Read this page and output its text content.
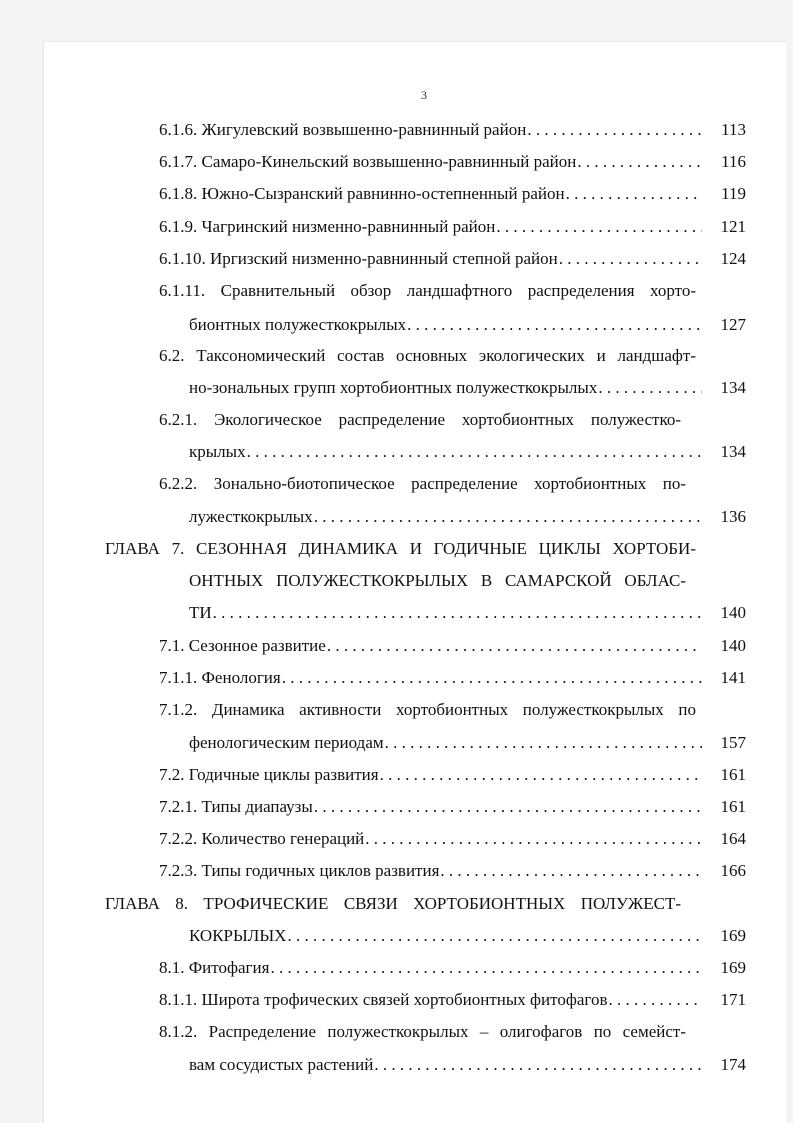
3
6.1.6. Жигулевский возвышенно-равнинный район . . .	113
6.1.7. Самаро-Кинельский возвышенно-равнинный район . . .	116
6.1.8. Южно-Сызранский равнинно-остепненный район . . .	119
6.1.9. Чагринский низменно-равнинный район . . .	121
6.1.10. Иргизский низменно-равнинный степной район . . .	124
6.1.11. Сравнительный обзор ландшафтного распределения хорто-
бионтных полужесткокрылых . . .	127
6.2. Таксономический состав основных экологических и ландшафт-
но-зональных групп хортобионтных полужесткокрылых . . .	134
6.2.1. Экологическое распределение хортобионтных полужестко-
крылых . . .	134
6.2.2. Зонально-биотопическое распределение хортобионтных по-
лужесткокрылых . . .	136
ГЛАВА 7. СЕЗОННАЯ ДИНАМИКА И ГОДИЧНЫЕ ЦИКЛЫ ХОРТОБИ-
ОНТНЫХ ПОЛУЖЕСТКОКРЫЛЫХ В САМАРСКОЙ ОБЛАС-
ТИ . . .	140
7.1. Сезонное развитие . . .	140
7.1.1. Фенология . . .	141
7.1.2. Динамика активности хортобионтных полужесткокрылых по
фенологическим периодам . . .	157
7.2. Годичные циклы развития . . .	161
7.2.1. Типы диапаузы . . .	161
7.2.2. Количество генераций . . .	164
7.2.3. Типы годичных циклов развития . . .	166
ГЛАВА 8. ТРОФИЧЕСКИЕ СВЯЗИ ХОРТОБИОНТНЫХ ПОЛУЖЕСТ-
КОКРЫЛЫХ . . .	169
8.1. Фитофагия . . .	169
8.1.1. Широта трофических связей хортобионтных фитофагов . . .	171
8.1.2. Распределение полужесткокрылых – олигофагов по семейст-
вам сосудистых растений . . .	174
